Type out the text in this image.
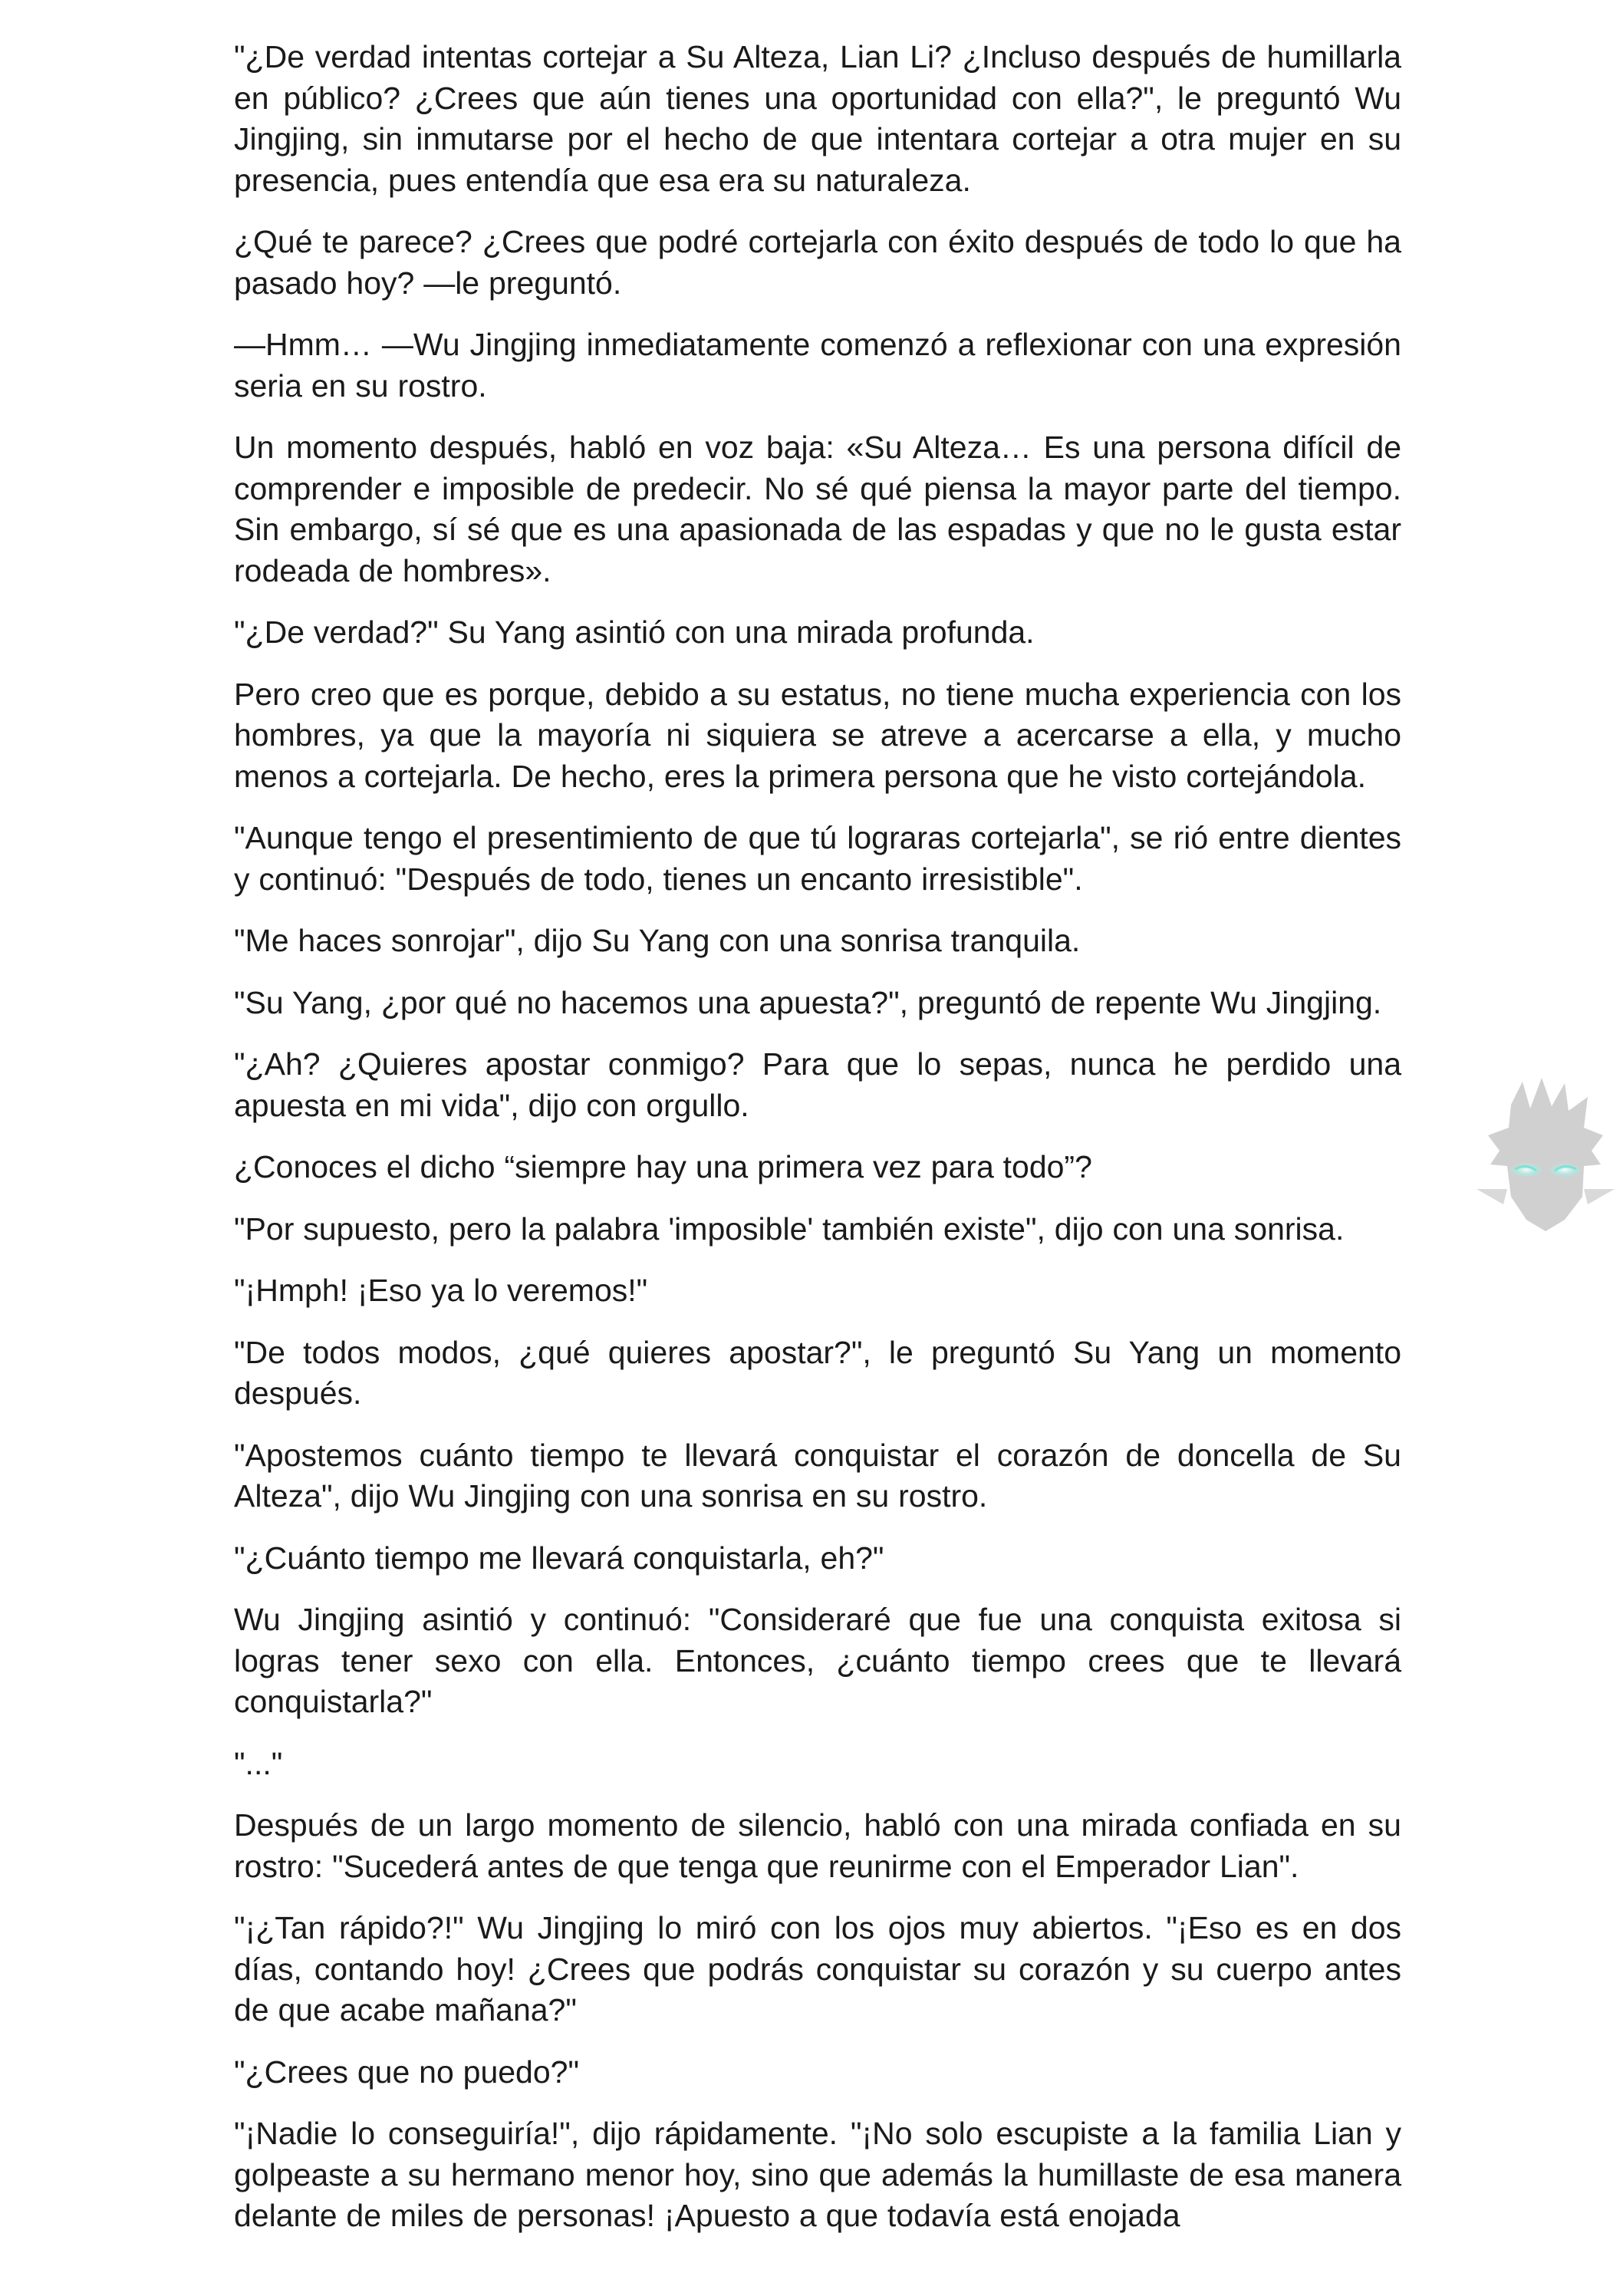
"¿De verdad intentas cortejar a Su Alteza, Lian Li? ¿Incluso después de humillarla en público? ¿Crees que aún tienes una oportunidad con ella?", le preguntó Wu Jingjing, sin inmutarse por el hecho de que intentara cortejar a otra mujer en su presencia, pues entendía que esa era su naturaleza.

¿Qué te parece? ¿Crees que podré cortejarla con éxito después de todo lo que ha pasado hoy? —le preguntó.

—Hmm… —Wu Jingjing inmediatamente comenzó a reflexionar con una expresión seria en su rostro.

Un momento después, habló en voz baja: «Su Alteza… Es una persona difícil de comprender e imposible de predecir. No sé qué piensa la mayor parte del tiempo. Sin embargo, sí sé que es una apasionada de las espadas y que no le gusta estar rodeada de hombres».

"¿De verdad?" Su Yang asintió con una mirada profunda.

Pero creo que es porque, debido a su estatus, no tiene mucha experiencia con los hombres, ya que la mayoría ni siquiera se atreve a acercarse a ella, y mucho menos a cortejarla. De hecho, eres la primera persona que he visto cortejándola.

"Aunque tengo el presentimiento de que tú lograras cortejarla", se rió entre dientes y continuó: "Después de todo, tienes un encanto irresistible".

"Me haces sonrojar", dijo Su Yang con una sonrisa tranquila.

"Su Yang, ¿por qué no hacemos una apuesta?", preguntó de repente Wu Jingjing.

"¿Ah? ¿Quieres apostar conmigo? Para que lo sepas, nunca he perdido una apuesta en mi vida", dijo con orgullo.

¿Conoces el dicho “siempre hay una primera vez para todo”?

"Por supuesto, pero la palabra 'imposible' también existe", dijo con una sonrisa.

"¡Hmph! ¡Eso ya lo veremos!"

"De todos modos, ¿qué quieres apostar?", le preguntó Su Yang un momento después.

"Apostemos cuánto tiempo te llevará conquistar el corazón de doncella de Su Alteza", dijo Wu Jingjing con una sonrisa en su rostro.

"¿Cuánto tiempo me llevará conquistarla, eh?"

Wu Jingjing asintió y continuó: "Consideraré que fue una conquista exitosa si logras tener sexo con ella. Entonces, ¿cuánto tiempo crees que te llevará conquistarla?"

"..."

Después de un largo momento de silencio, habló con una mirada confiada en su rostro: "Sucederá antes de que tenga que reunirme con el Emperador Lian".

"¡¿Tan rápido?!" Wu Jingjing lo miró con los ojos muy abiertos. "¡Eso es en dos días, contando hoy! ¿Crees que podrás conquistar su corazón y su cuerpo antes de que acabe mañana?"

"¿Crees que no puedo?"

"¡Nadie lo conseguiría!", dijo rápidamente. "¡No solo escupiste a la familia Lian y golpeaste a su hermano menor hoy, sino que además la humillaste de esa manera delante de miles de personas! ¡Apuesto a que todavía está enojada
